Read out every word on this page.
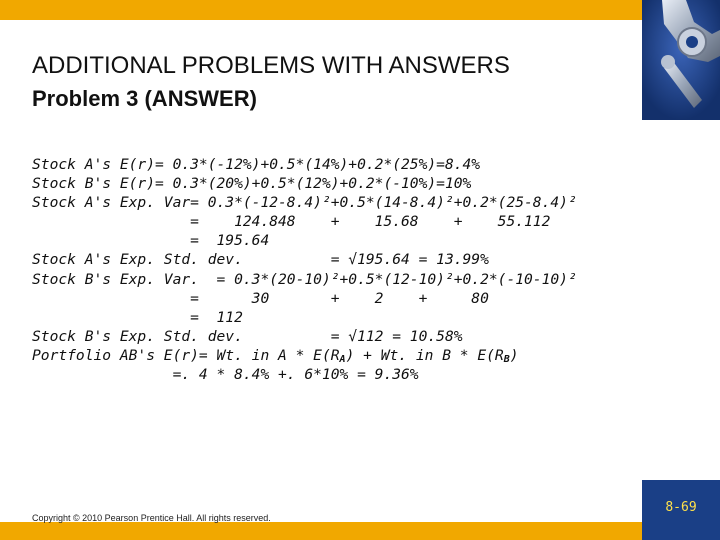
ADDITIONAL PROBLEMS WITH ANSWERS
Problem 3 (ANSWER)
Stock A's E(r)= 0.3*(-12%)+0.5*(14%)+0.2*(25%)=8.4%
Stock B's E(r)= 0.3*(20%)+0.5*(12%)+0.2*(-10%)=10%
Stock A's Exp. Var= 0.3*(-12-8.4)²+0.5*(14-8.4)²+0.2*(25-8.4)²
=    124.848    +    15.68    +    55.112
=  195.64
Stock A's Exp. Std. dev.          = √195.64 = 13.99%
Stock B's Exp. Var.  = 0.3*(20-10)²+0.5*(12-10)²+0.2*(-10-10)²
=      30       +    2    +     80
=  112
Stock B's Exp. Std. dev.          = √112 = 10.58%
Portfolio AB's E(r)= Wt. in $A * E(R_A) + Wt$. in B * $E(R_B)$
=. 4 * 8.4% +. 6*10% = 9.36%
Copyright © 2010 Pearson Prentice Hall. All rights reserved.
8-69
